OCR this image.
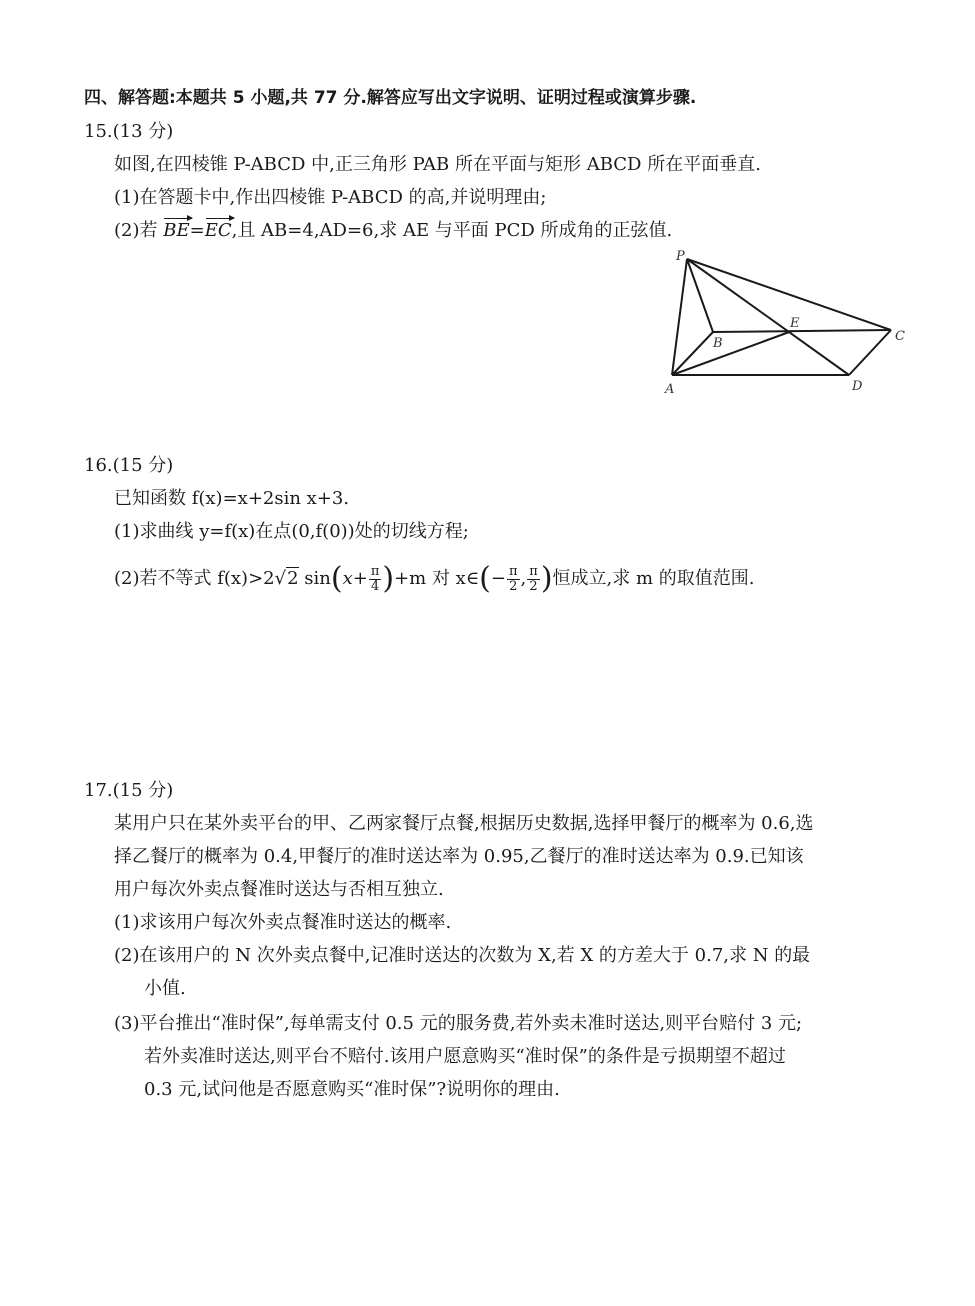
四、解答题:本题共 5 小题,共 77 分.解答应写出文字说明、证明过程或演算步骤.
15.(13 分)
如图,在四棱锥 P-ABCD 中,正三角形 PAB 所在平面与矩形 ABCD 所在平面垂直.
(1)在答题卡中,作出四棱锥 P-ABCD 的高,并说明理由;
(2)若 BE=EC,且 AB=4,AD=6,求 AE 与平面 PCD 所成角的正弦值.
P
A
B	C
D
E
16.(15 分)
已知函数 f(x)=x+2sin x+3.
(1)求曲线 y=f(x)在点(0,f(0))处的切线方程;
(2)若不等式 f(x)>2√2 $\sin(x+ \frac{\pi}{4} )+m$ 对 x∈(− $\frac{\pi}{2}$ , $\frac{\pi}{2}$ )恒成立,求 m 的取值范围.
17.(15 分)
某用户只在某外卖平台的甲、乙两家餐厅点餐,根据历史数据,选择甲餐厅的概率为 0.6,选
择乙餐厅的概率为 0.4,甲餐厅的准时送达率为 0.95,乙餐厅的准时送达率为 0.9.已知该
用户每次外卖点餐准时送达与否相互独立.
(1)求该用户每次外卖点餐准时送达的概率.
(2)在该用户的 N 次外卖点餐中,记准时送达的次数为 X,若 X 的方差大于 0.7,求 N 的最
小值.
(3)平台推出“准时保”,每单需支付 0.5 元的服务费,若外卖未准时送达,则平台赔付 3 元;
若外卖准时送达,则平台不赔付.该用户愿意购买“准时保”的条件是亏损期望不超过
0.3 元,试问他是否愿意购买“准时保”?说明你的理由.
